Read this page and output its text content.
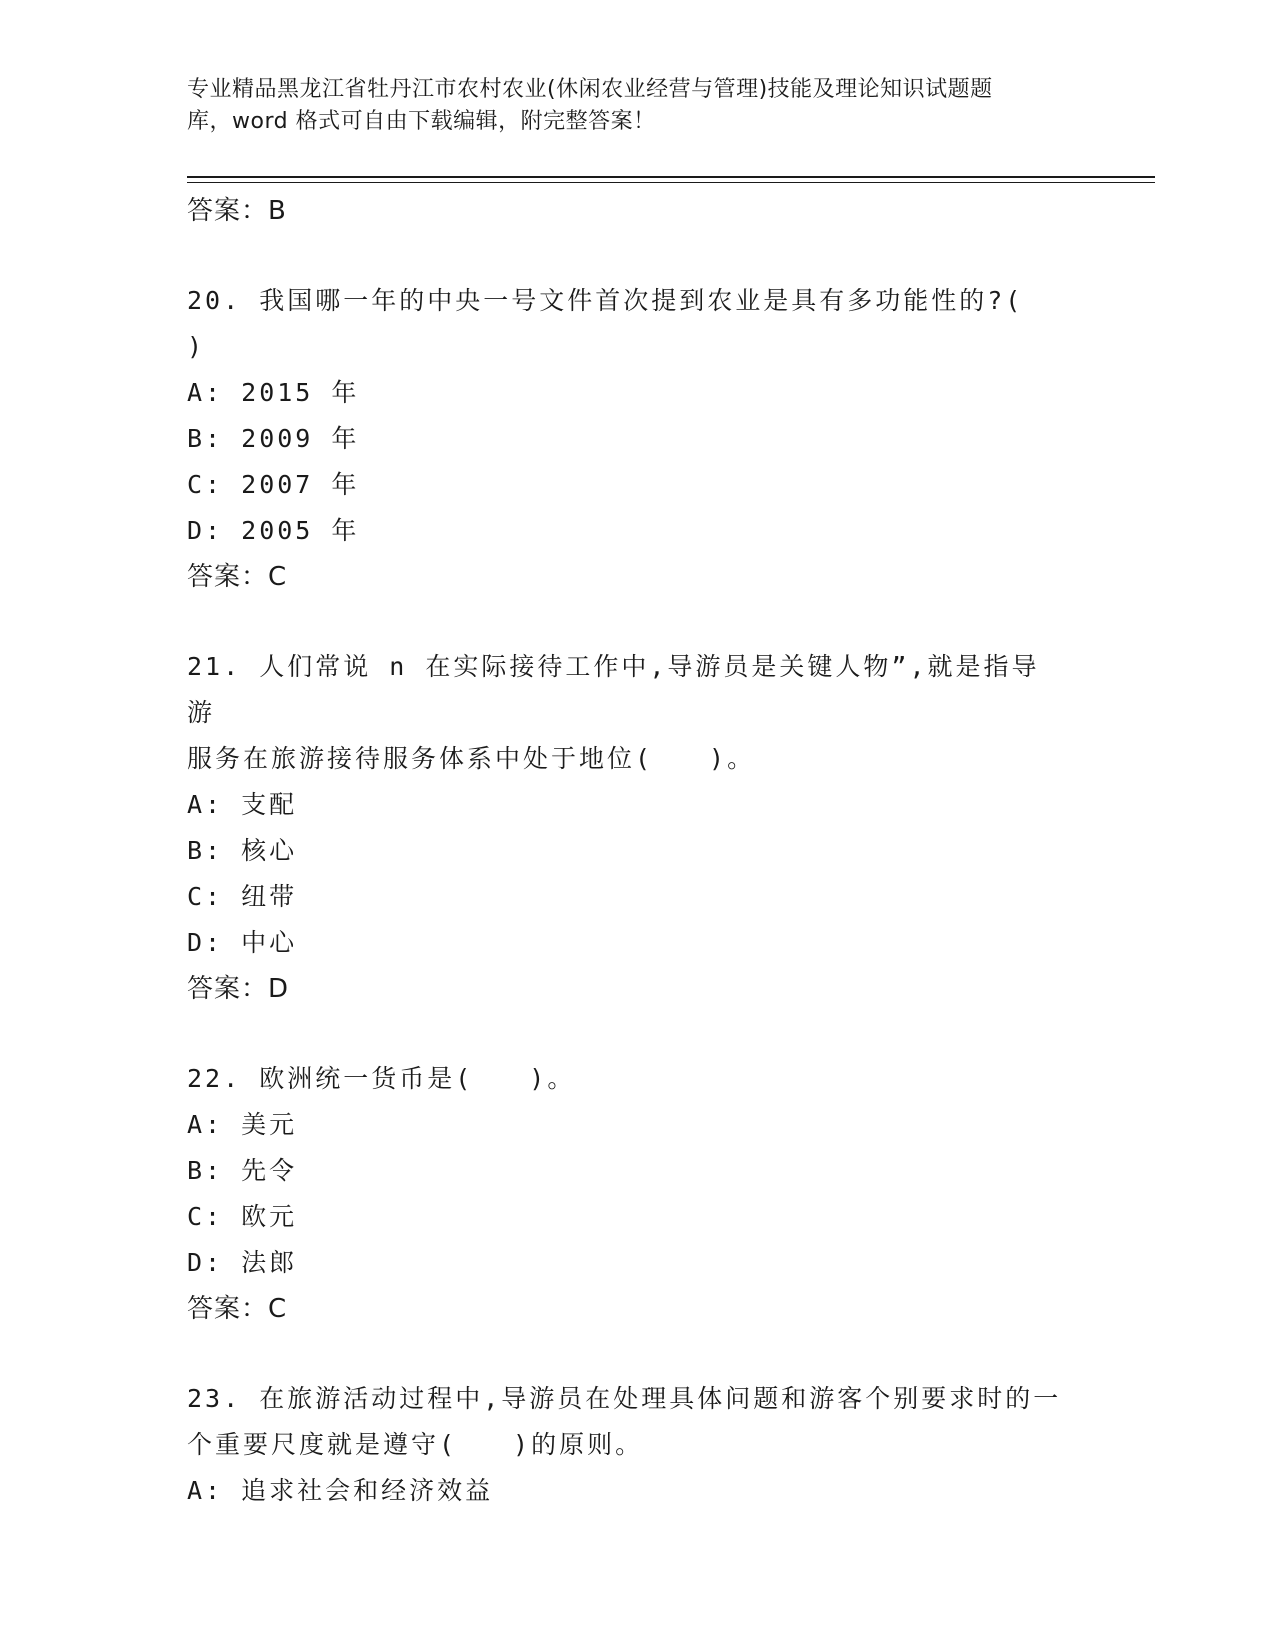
专业精品黑龙江省牡丹江市农村农业(休闲农业经营与管理)技能及理论知识试题题
库，word 格式可自由下载编辑，附完整答案！
答案：B
20. 我国哪一年的中央一号文件首次提到农业是具有多功能性的?(
)
A: 2015 年
B: 2009 年
C: 2007 年
D: 2005 年
答案：C
21. 人们常说 n 在实际接待工作中,导游员是关键人物”,就是指导游
服务在旅游接待服务体系中处于地位(　　)。
A: 支配
B: 核心
C: 纽带
D: 中心
答案：D
22. 欧洲统一货币是(　　)。
A: 美元
B: 先令
C: 欧元
D: 法郎
答案：C
23. 在旅游活动过程中,导游员在处理具体问题和游客个别要求时的一
个重要尺度就是遵守(　　)的原则。
A: 追求社会和经济效益
